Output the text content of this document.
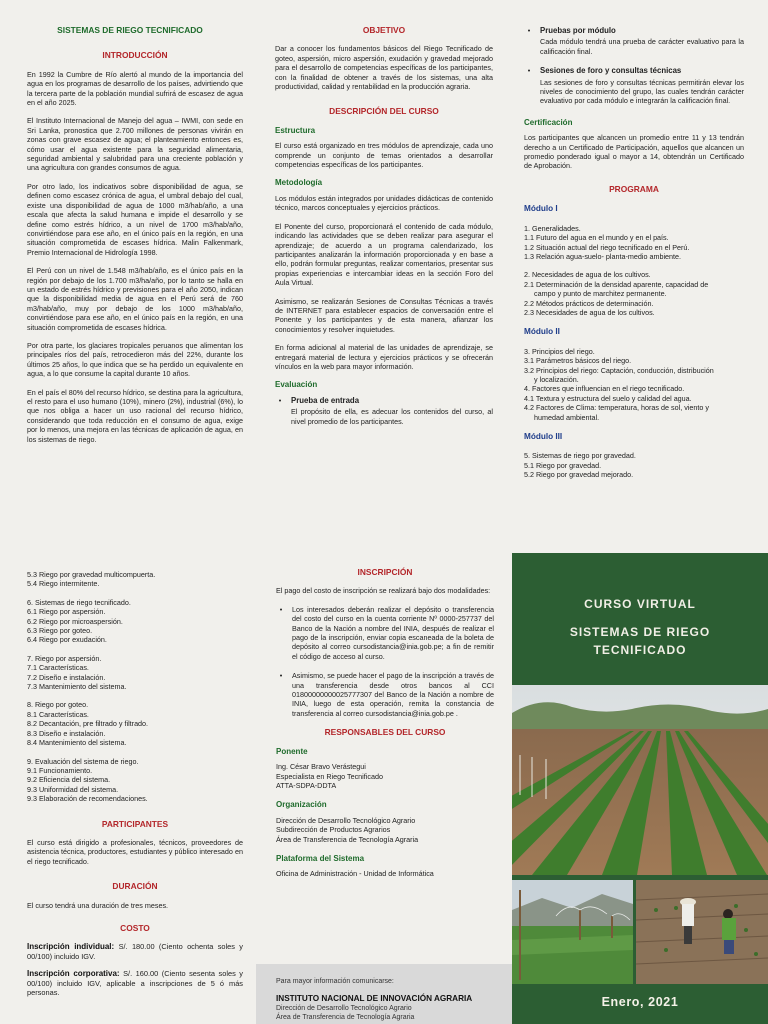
SISTEMAS DE RIEGO TECNIFICADO
INTRODUCCIÓN
En 1992 la Cumbre de Río alertó al mundo de la importancia del agua en los programas de desarrollo de los países, advirtiendo que la tercera parte de la población mundial sufrirá de escasez de agua en el año 2025.
El Instituto Internacional de Manejo del agua – IWMI, con sede en Sri Lanka, pronostica que 2.700 millones de personas vivirán en zonas con grave escasez de agua; el planteamiento entonces es, cómo usar el agua existente para la seguridad alimentaria, seguridad ambiental y salubridad para una creciente población y una agricultura con grandes consumos de agua.
Por otro lado, los indicativos sobre disponibilidad de agua, se definen como escasez crónica de agua, el umbral debajo del cual, existe una disponibilidad de agua de 1000 m3/hab/año, a una escala que afecta la salud humana e impide el desarrollo y se define como estrés hídrico, a un nivel de 1700 m3/hab/año, convirtiéndose para ese año, en el único país en la región, en una situación comprometida de escases hídrica. Malin Falkenmark, Premio Internacional de Hidrología 1998.
El Perú con un nivel de 1.548 m3/hab/año, es el único país en la región por debajo de los 1.700 m3/ha/año, por lo tanto se halla en un estado de estrés hídrico y previsiones para el año 2050, indican que la disponibilidad media de agua en el Perú será de 760 m3/hab/año, muy por debajo de los 1000 m3/hab/año, convirtiéndose para ese año, en el único país en la región, en una situación comprometida de escases hídrica.
Por otra parte, los glaciares tropicales peruanos que alimentan los principales ríos del país, retrocedieron más del 22%, durante los últimos 25 años, lo que indica que se ha perdido un equivalente en agua, a lo que consume la capital durante 10 años.
En el país el 80% del recurso hídrico, se destina para la agricultura, el resto para el uso humano (10%), minero (2%), industrial (6%), lo que nos obliga a hacer un uso racional del recurso hídrico, considerando que toda reducción en el consumo de agua, exige por lo menos, una mejora en las técnicas de aplicación de agua, en los sistemas de riego.
OBJETIVO
Dar a conocer los fundamentos básicos del Riego Tecnificado de goteo, aspersión, micro aspersión, exudación y gravedad mejorado para el desarrollo de competencias específicas de los participantes, con la finalidad de obtener a través de los sistemas, una alta productividad, calidad y rentabilidad en la producción agraria.
DESCRIPCIÓN DEL CURSO
Estructura
El curso está organizado en tres módulos de aprendizaje, cada uno comprende un conjunto de temas orientados a desarrollar competencias específicas de los participantes.
Metodología
Los módulos están integrados por unidades didácticas de contenido técnico, marcos conceptuales y ejercicios prácticos.
El Ponente del curso, proporcionará el contenido de cada módulo, indicando las actividades que se deben realizar para asegurar el aprendizaje; de acuerdo a un programa calendarizado, los participantes analizarán la información proporcionada y en base a ello, podrán formular preguntas, realizar comentarios, presentar sus propias experiencias e intercambiar ideas en la sección Foro del Aula Virtual.
Asimismo, se realizarán Sesiones de Consultas Técnicas a través de INTERNET para establecer espacios de conversación entre el Ponente y los participantes y de esta manera, afianzar los conocimientos y resolver inquietudes.
En forma adicional al material de las unidades de aprendizaje, se entregará material de lectura y ejercicios prácticos y se ofrecerán vínculos en la web para mayor información.
Evaluación
•	Prueba de entrada
El propósito de ella, es adecuar los contenidos del curso, al nivel promedio de los participantes.
•	Pruebas por módulo
Cada módulo tendrá una prueba de carácter evaluativo para la calificación final.
•	Sesiones de foro y consultas técnicas
Las sesiones de foro y consultas técnicas permitirán elevar los niveles de conocimiento del grupo, las cuales tendrán carácter evaluativo por cada módulo e integrarán la calificación final.
Certificación
Los participantes que alcancen un promedio entre 11 y 13 tendrán derecho a un Certificado de Participación, aquellos que alcancen un promedio ponderado igual o mayor a 14, obtendrán un Certificado de Aprobación.
PROGRAMA
Módulo I
1. Generalidades.
1.1 Futuro del agua en el mundo y en el país.
1.2 Situación actual del riego tecnificado en el Perú.
1.3 Relación agua-suelo- planta-medio ambiente.
2. Necesidades de agua de los cultivos.
2.1 Determinación de la densidad aparente, capacidad de
campo y punto de marchitez permanente.
2.2 Métodos prácticos de determinación.
2.3 Necesidades de agua de los cultivos.
Módulo II
3. Principios del riego.
3.1 Parámetros básicos del riego.
3.2 Principios del riego: Captación, conducción, distribución
y localización.
4. Factores que influencian en el riego tecnificado.
4.1 Textura y estructura del suelo y calidad del agua.
4.2 Factores de Clima: temperatura, horas de sol, viento y
humedad ambiental.
Módulo III
5. Sistemas de riego por gravedad.
5.1 Riego por gravedad.
5.2 Riego por gravedad mejorado.
5.3 Riego por gravedad multicompuerta.
5.4 Riego intermitente.
6. Sistemas de riego tecnificado.
6.1 Riego por aspersión.
6.2 Riego por microaspersión.
6.3 Riego por goteo.
6.4 Riego por exudación.
7. Riego por aspersión.
7.1 Características.
7.2 Diseño e instalación.
7.3 Mantenimiento del sistema.
8. Riego por goteo.
8.1 Características.
8.2 Decantación, pre filtrado y filtrado.
8.3 Diseño e instalación.
8.4 Mantenimiento del sistema.
9. Evaluación del sistema de riego.
9.1 Funcionamiento.
9.2 Eficiencia del sistema.
9.3 Uniformidad del sistema.
9.3 Elaboración de recomendaciones.
PARTICIPANTES
El curso está dirigido a profesionales, técnicos, proveedores de asistencia técnica, productores, estudiantes y público interesado en el riego tecnificado.
DURACIÓN
El curso tendrá una duración de tres meses.
COSTO
Inscripción individual: S/. 180.00 (Ciento ochenta soles y 00/100) incluido IGV.
Inscripción corporativa: S/. 160.00 (Ciento sesenta soles y 00/100) incluido IGV, aplicable a inscripciones de 5 ó más personas.
INSCRIPCIÓN
El pago del costo de inscripción se realizará bajo dos modalidades:
•	Los interesados deberán realizar el depósito o transferencia del costo del curso en la cuenta corriente Nº 0000-257737 del Banco de la Nación a nombre del INIA, después de realizar el pago de la inscripción, enviar copia escaneada de la boleta de depósito al correo cursodistancia@inia.gob.pe; a fin de remitir el código de acceso al curso.
•	Asimismo, se puede hacer el pago de la inscripción a través de una transferencia desde otros bancos al CCI 01800000000025777307 del Banco de la Nación a nombre de INIA, luego de esta operación, remita la constancia de transferencia al correo cursodistancia@inia.gob.pe .
RESPONSABLES DEL CURSO
Ponente
Ing. César Bravo Verástegui
Especialista en Riego Tecnificado
ATTA-SDPA-DDTA
Organización
Dirección de Desarrollo Tecnológico Agrario
Subdirección de Productos Agrarios
Área de Transferencia de Tecnología Agraria
Plataforma del Sistema
Oficina de Administración - Unidad de Informática
Para mayor información comunicarse:
INSTITUTO NACIONAL DE INNOVACIÓN AGRARIA
Dirección de Desarrollo Tecnológico Agrario
Área de Transferencia de Tecnología Agraria
CURSO VIRTUAL
SISTEMAS DE RIEGO
TECNIFICADO
Enero, 2021
